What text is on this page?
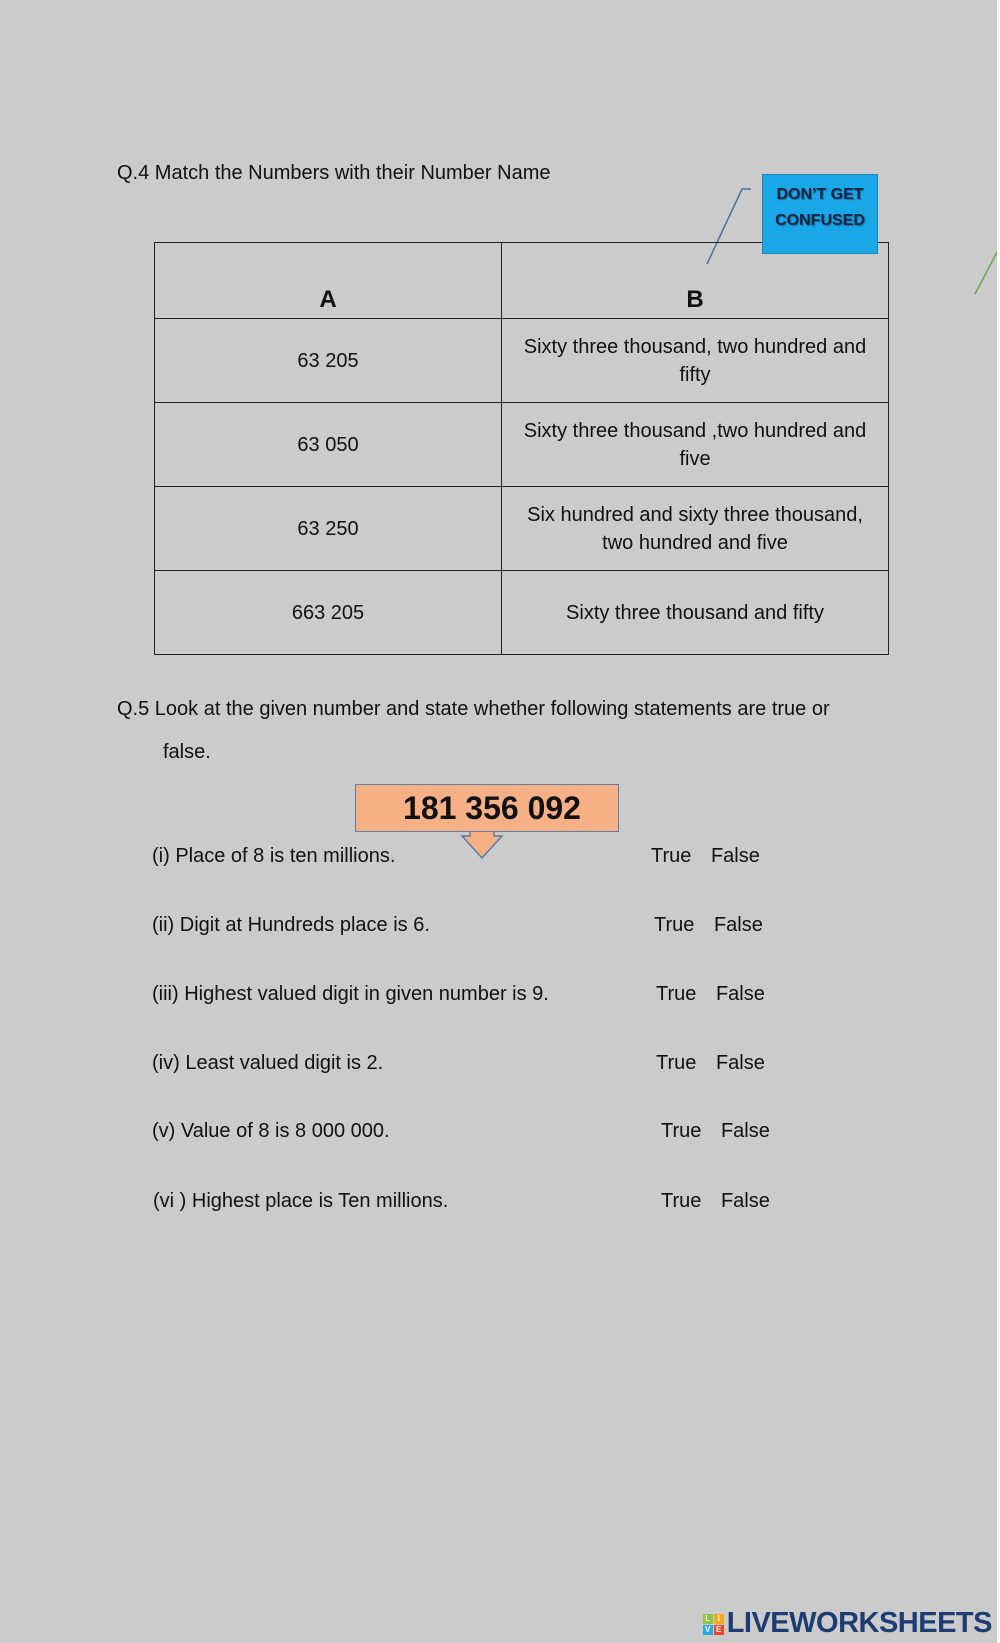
Q.4 Match the Numbers with their Number Name
A	B
63 205	Sixty three thousand, two hundred and fifty
63 050	Sixty three thousand ,two hundred and five
63 250	Six hundred and sixty three thousand, two hundred and five
663 205	Sixty three thousand and fifty
DON’T GET
CONFUSED
Q.5 Look at the given number and state whether following statements are true or
false.
181 356 092
(i) Place of 8 is ten millions.	True False
(ii) Digit at Hundreds place is 6.	True False
(iii) Highest valued digit in given number is 9.	True False
(iv) Least valued digit is 2.	True False
(v) Value of 8 is 8 000 000.	True False
(vi ) Highest place is Ten millions.	True False
L I
V E LIVEWORKSHEETS
